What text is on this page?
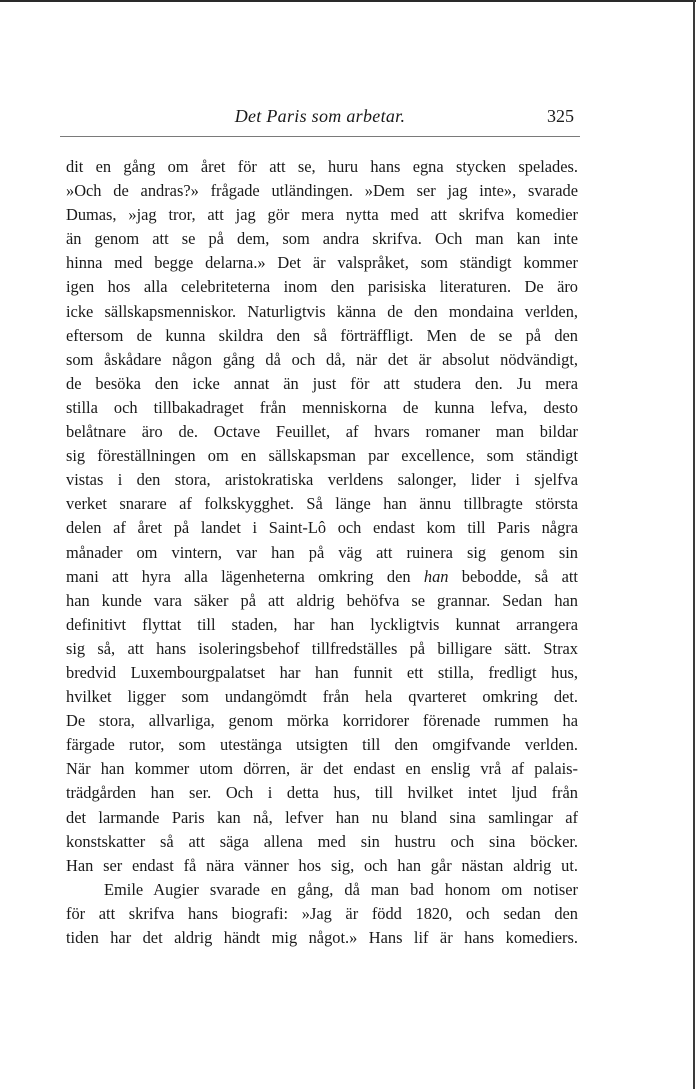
Det Paris som arbetar.	325
dit en gång om året för att se, huru hans egna stycken spelades.
»Och de andras?» frågade utländingen. »Dem ser jag inte», svarade
Dumas, »jag tror, att jag gör mera nytta med att skrifva komedier
än genom att se på dem, som andra skrifva. Och man kan inte
hinna med begge delarna.» Det är valspråket, som ständigt kommer
igen hos alla celebriteterna inom den parisiska literaturen. De äro
icke sällskapsmenniskor. Naturligtvis känna de den mondaina verlden,
eftersom de kunna skildra den så förträffligt. Men de se på den
som åskådare någon gång då och då, när det är absolut nödvändigt,
de besöka den icke annat än just för att studera den. Ju mera
stilla och tillbakadraget från menniskorna de kunna lefva, desto
belåtnare äro de. Octave Feuillet, af hvars romaner man bildar
sig föreställningen om en sällskapsman par excellence, som ständigt
vistas i den stora, aristokratiska verldens salonger, lider i sjelfva
verket snarare af folkskygghet. Så länge han ännu tillbragte största
delen af året på landet i Saint-Lô och endast kom till Paris några
månader om vintern, var han på väg att ruinera sig genom sin
mani att hyra alla lägenheterna omkring den han bebodde, så att
han kunde vara säker på att aldrig behöfva se grannar. Sedan han
definitivt flyttat till staden, har han lyckligtvis kunnat arrangera
sig så, att hans isoleringsbehof tillfredställes på billigare sätt. Strax
bredvid Luxembourgpalatset har han funnit ett stilla, fredligt hus,
hvilket ligger som undangömdt från hela qvarteret omkring det.
De stora, allvarliga, genom mörka korridorer förenade rummen ha
färgade rutor, som utestänga utsigten till den omgifvande verlden.
När han kommer utom dörren, är det endast en enslig vrå af palais-
trädgården han ser. Och i detta hus, till hvilket intet ljud från
det larmande Paris kan nå, lefver han nu bland sina samlingar af
konstskatter så att säga allena med sin hustru och sina böcker.
Han ser endast få nära vänner hos sig, och han går nästan aldrig ut.
Emile Augier svarade en gång, då man bad honom om notiser
för att skrifva hans biografi: »Jag är född 1820, och sedan den
tiden har det aldrig händt mig något.» Hans lif är hans komediers.
